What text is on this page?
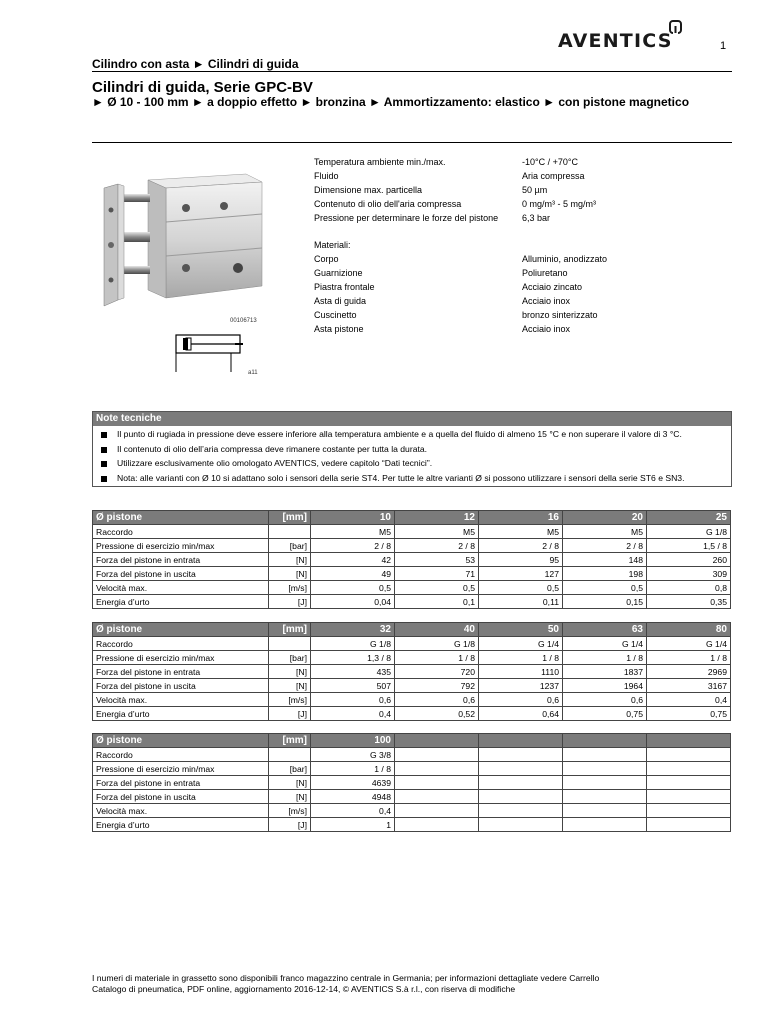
AVENTICS	1
Cilindro con asta ► Cilindri di guida
Cilindri di guida, Serie GPC-BV
► Ø 10 - 100 mm ► a doppio effetto ► bronzina ► Ammortizzamento: elastico ► con pistone magnetico
00106713
a11
Temperatura ambiente min./max.	-10°C / +70°C
Fluido	Aria compressa
Dimensione max. particella	50 µm
Contenuto di olio dell'aria compressa	0 mg/m³ - 5 mg/m³
Pressione per determinare le forze del pistone	6,3 bar
Materiali:
Corpo	Alluminio, anodizzato
Guarnizione	Poliuretano
Piastra frontale	Acciaio zincato
Asta di guida	Acciaio inox
Cuscinetto	bronzo sinterizzato
Asta pistone	Acciaio inox
Note tecniche
Il punto di rugiada in pressione deve essere inferiore alla temperatura ambiente e a quella del fluido di almeno 15 °C e non superare il valore di 3 °C.
Il contenuto di olio dell’aria compressa deve rimanere costante per tutta la durata.
Utilizzare esclusivamente olio omologato AVENTICS, vedere capitolo “Dati tecnici”.
Nota: alle varianti con Ø 10 si adattano solo i sensori della serie ST4. Per tutte le altre varianti Ø si possono utilizzare i sensori della serie ST6 e SN3.
Ø pistone	[mm]	10	12	16	20	25
Raccordo		M5	M5	M5	M5	G 1/8
Pressione di esercizio min/max	[bar]	2 / 8	2 / 8	2 / 8	2 / 8	1,5 / 8
Forza del pistone in entrata	[N]	42	53	95	148	260
Forza del pistone in uscita	[N]	49	71	127	198	309
Velocità max.	[m/s]	0,5	0,5	0,5	0,5	0,8
Energia d’urto	[J]	0,04	0,1	0,11	0,15	0,35
Ø pistone	[mm]	32	40	50	63	80
Raccordo		G 1/8	G 1/8	G 1/4	G 1/4	G 1/4
Pressione di esercizio min/max	[bar]	1,3 / 8	1 / 8	1 / 8	1 / 8	1 / 8
Forza del pistone in entrata	[N]	435	720	1110	1837	2969
Forza del pistone in uscita	[N]	507	792	1237	1964	3167
Velocità max.	[m/s]	0,6	0,6	0,6	0,6	0,4
Energia d’urto	[J]	0,4	0,52	0,64	0,75	0,75
Ø pistone	[mm]	100				
Raccordo		G 3/8				
Pressione di esercizio min/max	[bar]	1 / 8				
Forza del pistone in entrata	[N]	4639				
Forza del pistone in uscita	[N]	4948				
Velocità max.	[m/s]	0,4				
Energia d’urto	[J]	1				
I numeri di materiale in grassetto sono disponibili franco magazzino centrale in Germania; per informazioni dettagliate vedere Carrello
Catalogo di pneumatica, PDF online, aggiornamento 2016-12-14, © AVENTICS S.à r.l., con riserva di modifiche
